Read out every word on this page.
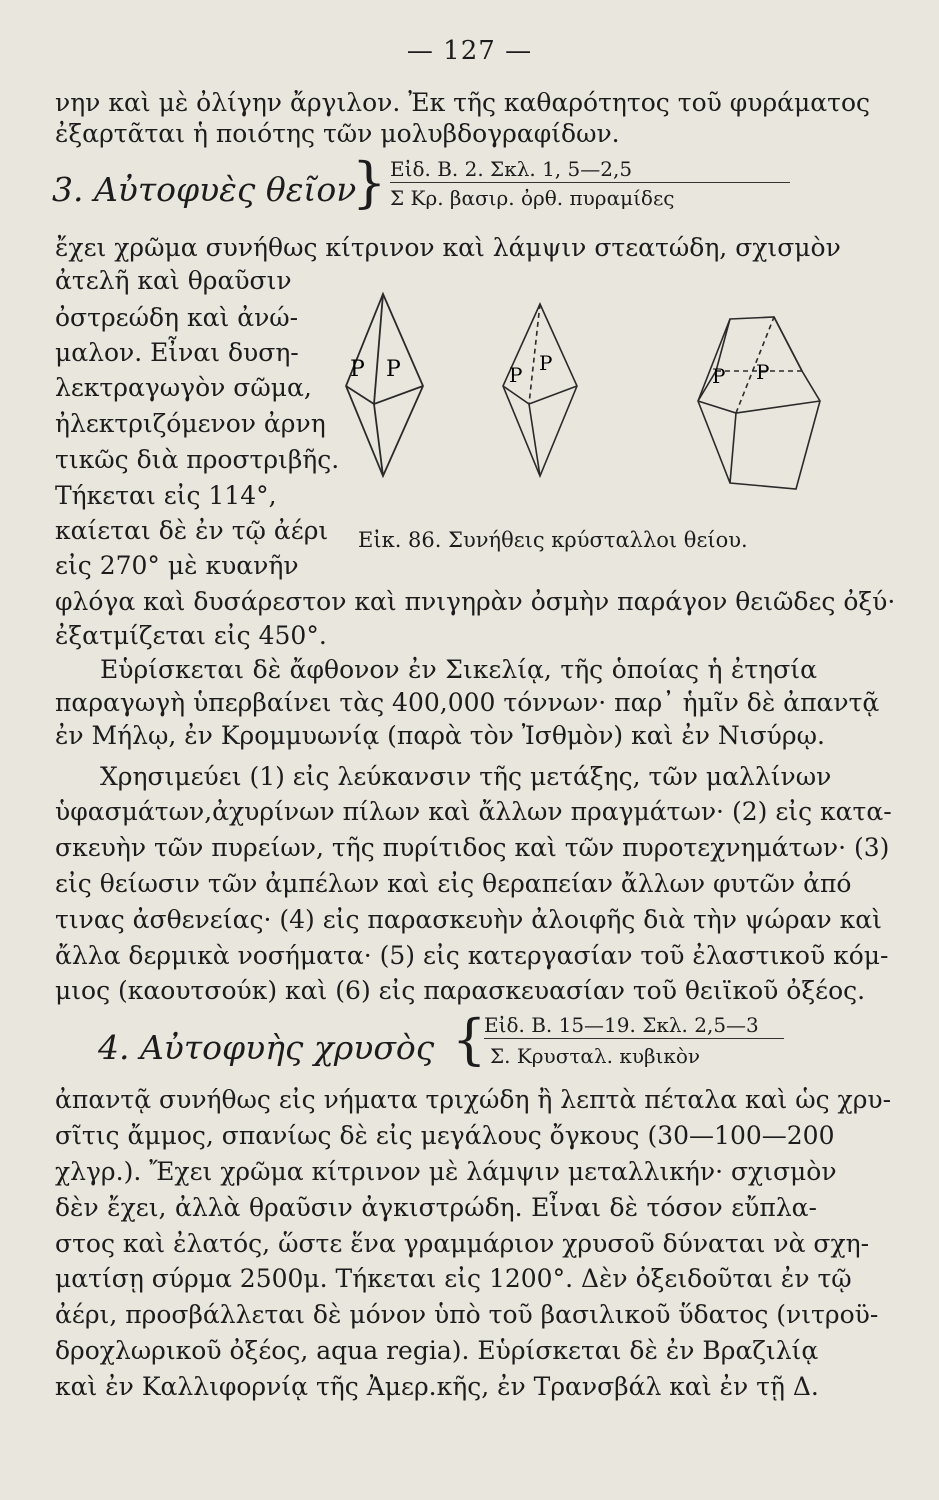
— 127 —
νην καὶ μὲ ὀλίγην ἄργιλον. Ἐκ τῆς καθαρότητος τοῦ φυράματος
ἐξαρτᾶται ἡ ποιότης τῶν μολυβδογραφίδων.
3. Αὐτοφυὲς θεῖον
} Εἰδ. Β. 2. Σκλ. 1, 5—2,5
Σ Κρ. βασιρ. ὀρθ. πυραμίδες
ἔχει χρῶμα συνήθως κίτρινον καὶ λάμψιν στεατώδη, σχισμὸν
ἀτελῆ καὶ θραῦσιν
ὀστρεώδη καὶ ἀνώ-
μαλον. Εἶναι δυση-
λεκτραγωγὸν σῶμα,
ἠλεκτριζόμενον ἀρνη
τικῶς διὰ προστριβῆς.
Τήκεται εἰς 114°,
καίεται δὲ ἐν τῷ ἀέρι
εἰς 270° μὲ κυανῆν
φλόγα καὶ δυσάρεστον καὶ πνιγηρὰν ὀσμὴν παράγον θειῶδες ὀξύ·
ἐξατμίζεται εἰς 450°.
P P	P P
P P
Εἰκ. 86. Συνήθεις κρύσταλλοι θείου.
Εὑρίσκεται δὲ ἄφθονον ἐν Σικελίᾳ, τῆς ὁποίας ἡ ἐτησία
παραγωγὴ ὑπερβαίνει τὰς 400,000 τόννων· παρ᾽ ἡμῖν δὲ ἀπαντᾷ
ἐν Μήλῳ, ἐν Κρομμυωνίᾳ (παρὰ τὸν Ἰσθμὸν) καὶ ἐν Νισύρῳ.
Χρησιμεύει (1) εἰς λεύκανσιν τῆς μετάξης, τῶν μαλλίνων
ὑφασμάτων,ἀχυρίνων πίλων καὶ ἄλλων πραγμάτων· (2) εἰς κατα-
σκευὴν τῶν πυρείων, τῆς πυρίτιδος καὶ τῶν πυροτεχνημάτων· (3)
εἰς θείωσιν τῶν ἀμπέλων καὶ εἰς θεραπείαν ἄλλων φυτῶν ἀπό
τινας ἀσθενείας· (4) εἰς παρασκευὴν ἀλοιφῆς διὰ τὴν ψώραν καὶ
ἄλλα δερμικὰ νοσήματα· (5) εἰς κατεργασίαν τοῦ ἐλαστικοῦ κόμ-
μιος (καουτσούκ) καὶ (6) εἰς παρασκευασίαν τοῦ θειϊκοῦ ὀξέος.
4. Αὐτοφυὴς χρυσὸς {
Εἰδ. Β. 15—19. Σκλ. 2,5—3
Σ. Κρυσταλ. κυβικὸν
ἀπαντᾷ συνήθως εἰς νήματα τριχώδη ἢ λεπτὰ πέταλα καὶ ὡς χρυ-
σῖτις ἄμμος, σπανίως δὲ εἰς μεγάλους ὄγκους (30—100—200
χλγρ.). Ἔχει χρῶμα κίτρινον μὲ λάμψιν μεταλλικήν· σχισμὸν
δὲν ἔχει, ἀλλὰ θραῦσιν ἀγκιστρώδη. Εἶναι δὲ τόσον εὔπλα-
στος καὶ ἐλατός, ὥστε ἕνα γραμμάριον χρυσοῦ δύναται νὰ σχη-
ματίσῃ σύρμα 2500μ. Τήκεται εἰς 1200°. Δὲν ὀξειδοῦται ἐν τῷ
ἀέρι, προσβάλλεται δὲ μόνον ὑπὸ τοῦ βασιλικοῦ ὕδατος (νιτροϋ-
δροχλωρικοῦ ὀξέος, aqua regia). Εὑρίσκεται δὲ ἐν Βραζιλίᾳ
καὶ ἐν Καλλιφορνίᾳ τῆς Ἀμερ.κῆς, ἐν Τρανσβάλ καὶ ἐν τῇ Δ.
